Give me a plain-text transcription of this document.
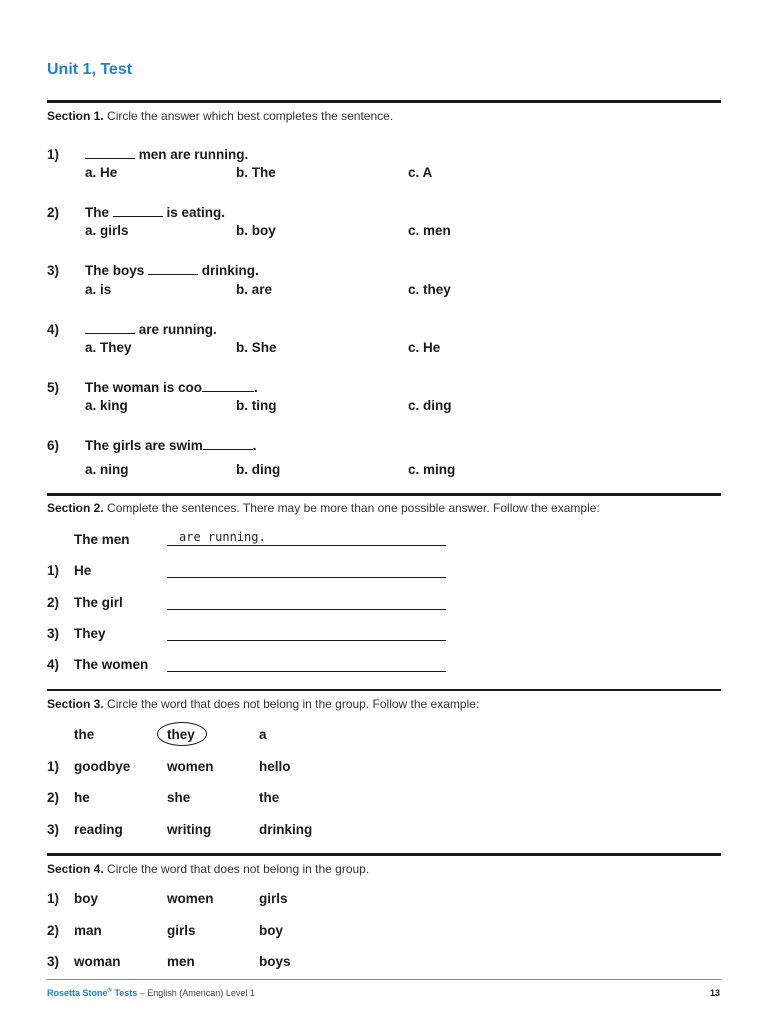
Unit 1, Test
Section 1. Circle the answer which best completes the sentence.
1)	men are running.
a. He	b. The	c. A
2) The	is eating.
a. girls	b. boy	c. men
3) The boys	drinking.
a. is	b. are	c. they
4)	are running.
a. They	b. She	c. He
5) The woman is coo	.
a. king	b. ting	c. ding
6) The girls are swim	.
a. ning	b. ding	c. ming
Section 2. Complete the sentences. There may be more than one possible answer. Follow the example:
The men	are running.
1) He
2) The girl
3) They
4) The women
Section 3. Circle the word that does not belong in the group. Follow the example:
the	they	a
1) goodbye	women	hello
2) he	she	the
3) reading	writing	drinking
Section 4. Circle the word that does not belong in the group.
1) boy	women	girls
2) man	girls	boy
3) woman	men	boys
Rosetta Stone® Tests – English (American) Level 1	13
